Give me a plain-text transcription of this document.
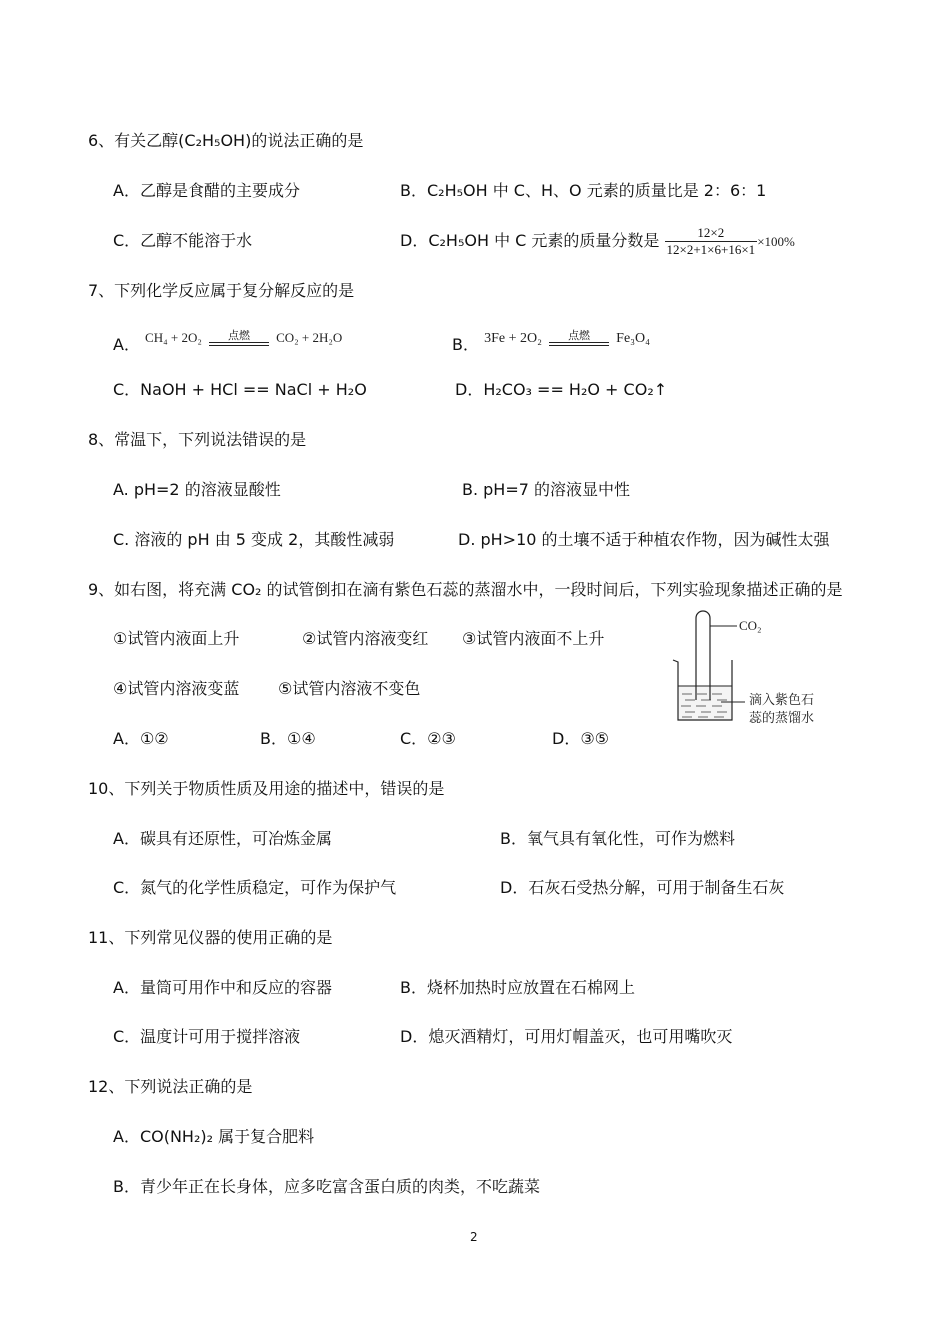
6、有关乙醇(C₂H₅OH)的说法正确的是
A．乙醇是食醋的主要成分	B．C₂H₅OH 中 C、H、O 元素的质量比是 2：6：1
C．乙醇不能溶于水	D．C₂H₅OH 中 C 元素的质量分数是 $\frac{12\times 2}{12\times 2+1\times 6+16\times 1} \times 100\%$
7、下列化学反应属于复分解反应的是
A． CH₄ + 2O₂	点燃	CO₂ + 2H₂O	B． 3Fe + 2O₂	点燃	Fe₃O₄
C．NaOH + HCl == NaCl + H₂O	D．H₂CO₃ == H₂O + CO₂↑
8、常温下，下列说法错误的是
A. pH=2 的溶液显酸性	B. pH=7 的溶液显中性
C. 溶液的 pH 由 5 变成 2，其酸性减弱	D. pH>10 的土壤不适于种植农作物，因为碱性太强
9、如右图，将充满 CO₂ 的试管倒扣在滴有紫色石蕊的蒸溜水中，一段时间后，下列实验现象描述正确的是
①试管内液面上升	②试管内溶液变红 ③试管内液面不上升
④试管内溶液变蓝 ⑤试管内溶液不变色
A．①②	B．①④	C．②③	D．③⑤
CO₂
滴入紫色石
蕊的蒸馏水
10、下列关于物质性质及用途的描述中，错误的是
A．碳具有还原性，可冶炼金属	B．氧气具有氧化性，可作为燃料
C．氮气的化学性质稳定，可作为保护气	D．石灰石受热分解，可用于制备生石灰
11、下列常见仪器的使用正确的是
A．量筒可用作中和反应的容器	B．烧杯加热时应放置在石棉网上
C．温度计可用于搅拌溶液	D．熄灭酒精灯，可用灯帽盖灭，也可用嘴吹灭
12、下列说法正确的是
A．CO(NH₂)₂ 属于复合肥料
B．青少年正在长身体，应多吃富含蛋白质的肉类，不吃蔬菜
2
